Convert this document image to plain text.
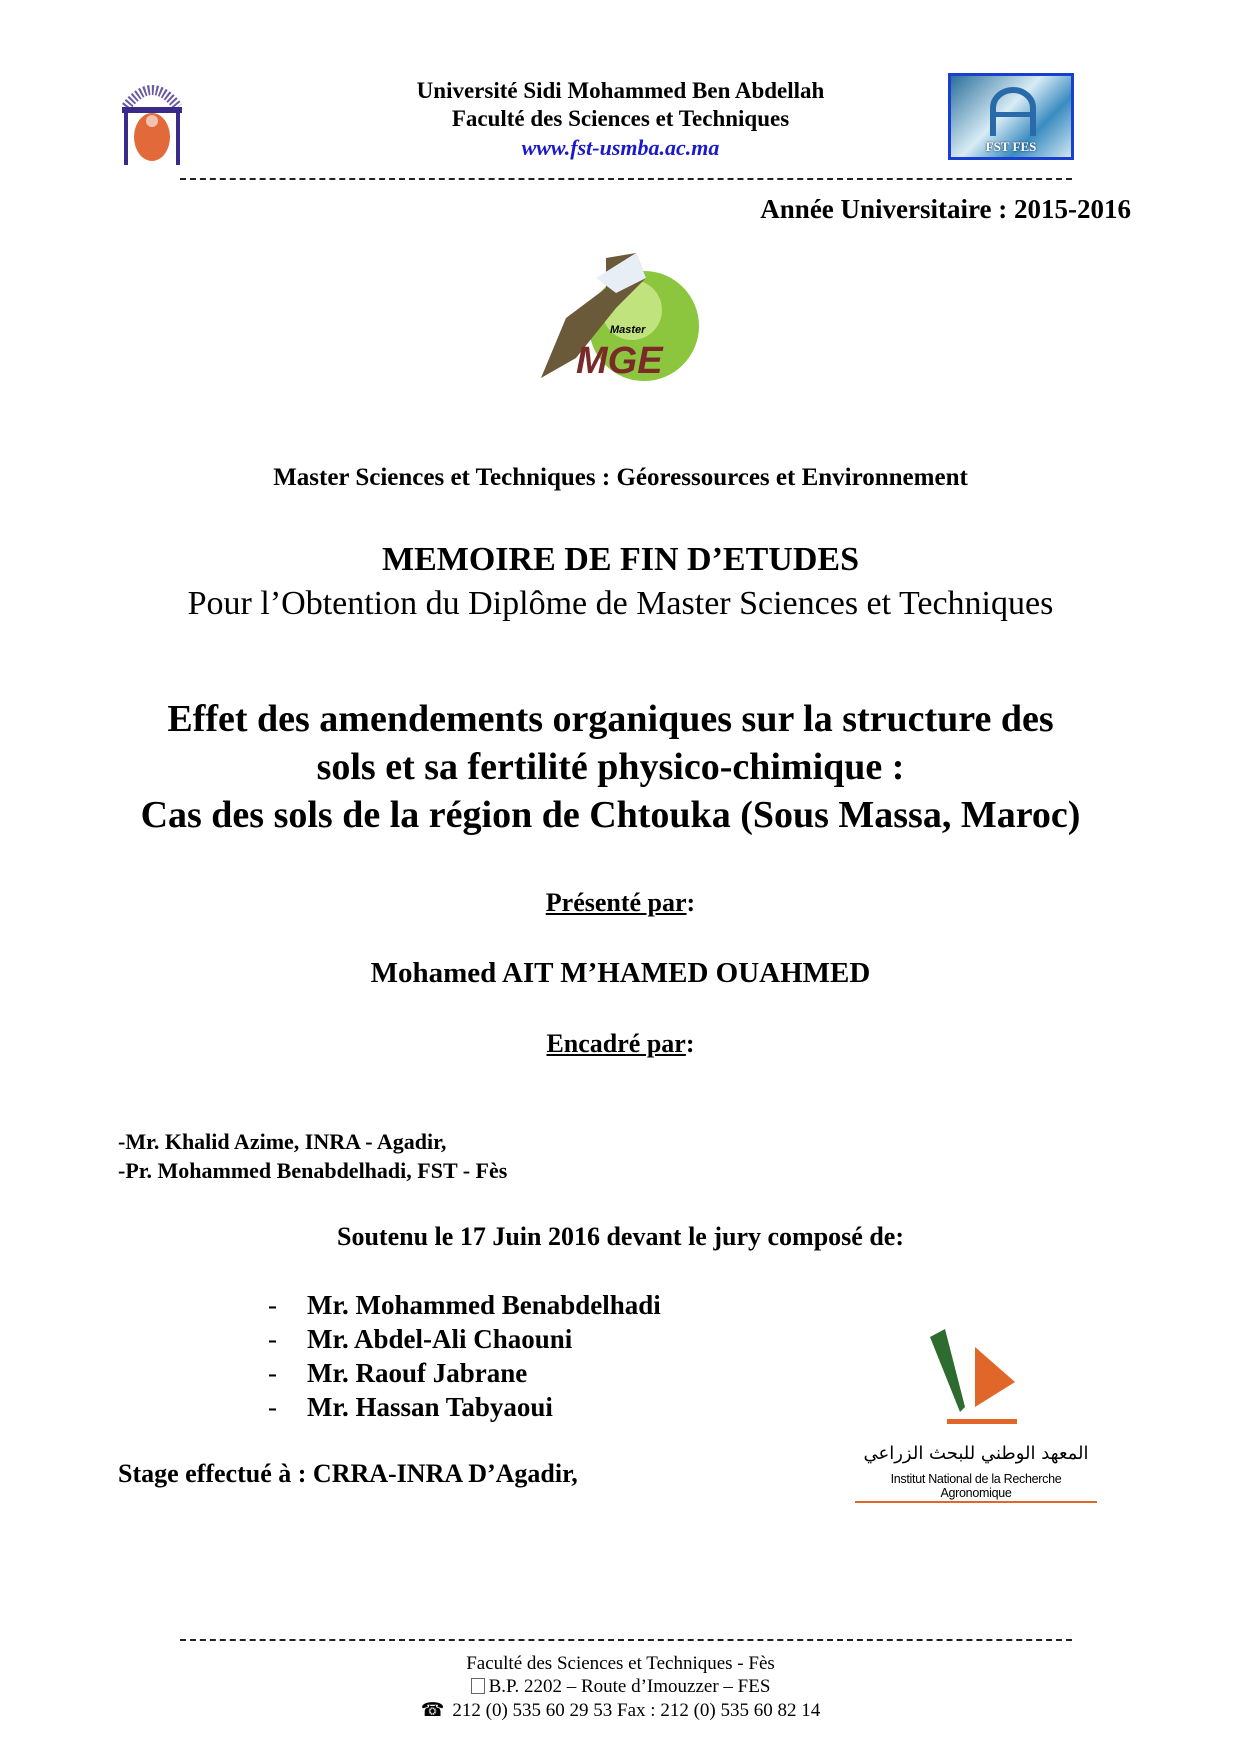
Université Sidi Mohammed Ben Abdellah
Faculté des Sciences et Techniques
www.fst-usmba.ac.ma	FST FES
Année Universitaire : 2015-2016
Master
MGE
Master Sciences et Techniques : Géoressources et Environnement
MEMOIRE DE FIN D’ETUDES
Pour l’Obtention du Diplôme de Master Sciences et Techniques
Effet des amendements organiques sur la structure des
sols et sa fertilité physico-chimique :
Cas des sols de la région de Chtouka (Sous Massa, Maroc)
Présenté par:
Mohamed AIT M’HAMED OUAHMED
Encadré par:
-Mr. Khalid Azime, INRA - Agadir,
-Pr. Mohammed Benabdelhadi, FST - Fès
Soutenu le 17 Juin 2016 devant le jury composé de:
- Mr. Mohammed Benabdelhadi
- Mr. Abdel-Ali Chaouni
- Mr. Raouf Jabrane
- Mr. Hassan Tabyaoui
Stage effectué à : CRRA-INRA D’Agadir,
المعهد الوطني للبحث الزراعي
Institut National de la Recherche Agronomique
Faculté des Sciences et Techniques - Fès
B.P. 2202 – Route d’Imouzzer – FES
☎ 212 (0) 535 60 29 53 Fax : 212 (0) 535 60 82 14
